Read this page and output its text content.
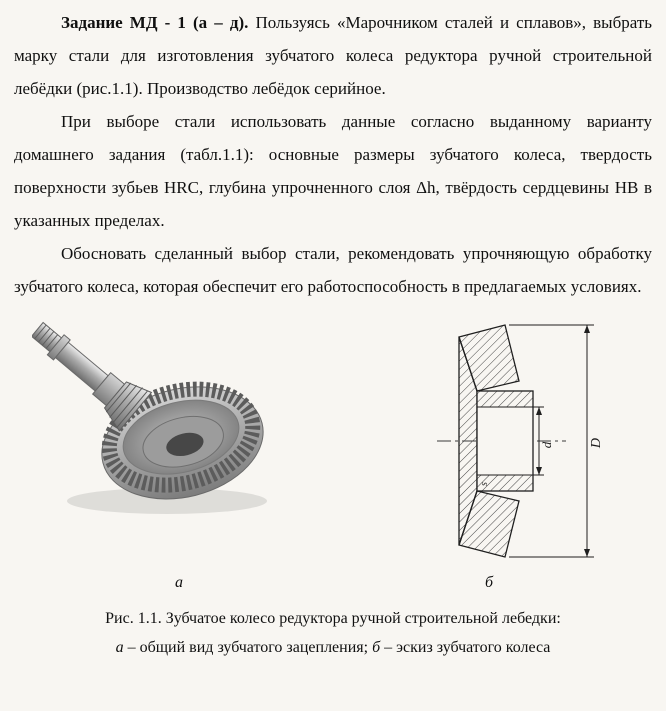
Задание МД - 1 (а – д). Пользуясь «Марочником сталей и сплавов», выбрать марку стали для изготовления зубчатого колеса редуктора ручной строительной лебёдки (рис.1.1). Производство лебёдок серийное.

При выборе стали использовать данные согласно выданному варианту домашнего задания (табл.1.1): основные размеры зубчатого колеса, твердость поверхности зубьев HRC, глубина упрочненного слоя Δh, твёрдость сердцевины НВ в указанных пределах.

Обосновать сделанный выбор стали, рекомендовать упрочняющую обработку зубчатого колеса, которая обеспечит его работоспособность в предлагаемых условиях.

d
s
D
а	б
Рис. 1.1. Зубчатое колесо редуктора ручной строительной лебедки:
а – общий вид зубчатого зацепления; б – эскиз зубчатого колеса
